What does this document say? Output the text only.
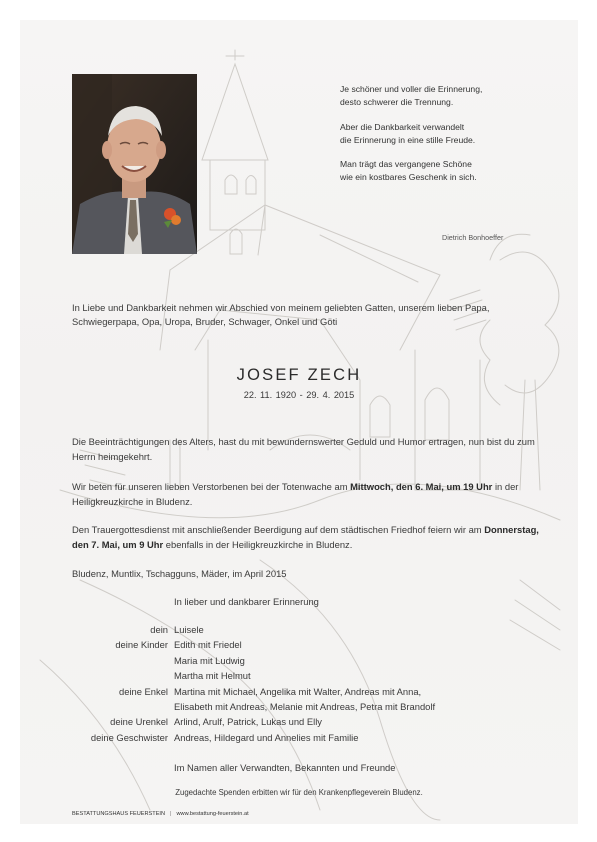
Je schöner und voller die Erinnerung,
desto schwerer die Trennung.

Aber die Dankbarkeit verwandelt
die Erinnerung in eine stille Freude.

Man trägt das vergangene Schöne
wie ein kostbares Geschenk in sich.

Dietrich Bonhoeffer
In Liebe und Dankbarkeit nehmen wir Abschied von meinem geliebten Gatten, unserem lieben Papa, Schwiegerpapa, Opa, Uropa, Bruder, Schwager, Onkel und Göti
JOSEF ZECH
22. 11. 1920 - 29. 4. 2015
Die Beeinträchtigungen des Alters, hast du mit bewundernswerter Geduld und Humor ertragen, nun bist du zum Herrn heimgekehrt.
Wir beten für unseren lieben Verstorbenen bei der Totenwache am Mittwoch, den 6. Mai, um 19 Uhr in der Heiligkreuzkirche in Bludenz.
Den Trauergottesdienst mit anschließender Beerdigung auf dem städtischen Friedhof feiern wir am Donnerstag, den 7. Mai, um 9 Uhr ebenfalls in der Heiligkreuzkirche in Bludenz.
Bludenz, Muntlix, Tschagguns, Mäder, im April 2015
In lieber und dankbarer Erinnerung
dein Luisele
deine Kinder Edith mit Friedel
Maria mit Ludwig
Martha mit Helmut
deine Enkel Martina mit Michael, Angelika mit Walter, Andreas mit Anna,
Elisabeth mit Andreas, Melanie mit Andreas, Petra mit Brandolf
deine Urenkel Arlind, Arulf, Patrick, Lukas und Elly
deine Geschwister Andreas, Hildegard und Annelies mit Familie
Im Namen aller Verwandten, Bekannten und Freunde
Zugedachte Spenden erbitten wir für den Krankenpflegeverein Bludenz.
BESTATTUNGSHAUS FEUERSTEIN | www.bestattung-feuerstein.at
